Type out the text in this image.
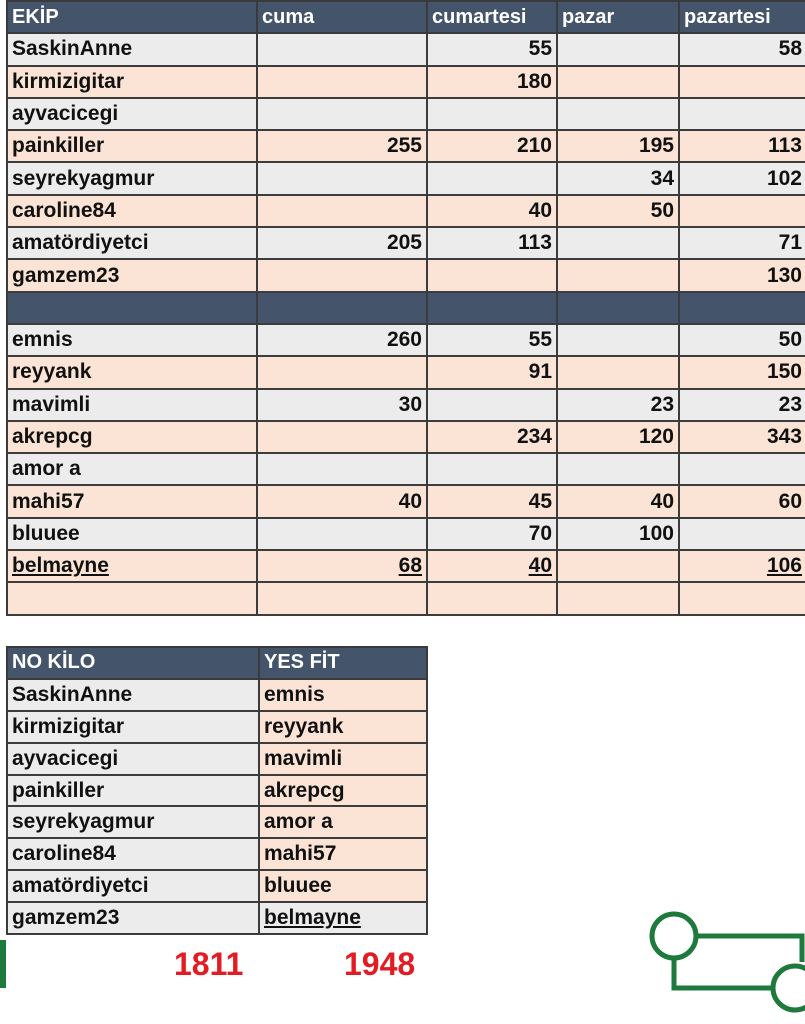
EKİP	cuma	cumartesi	pazar	pazartesi
SaskinAnne		55		58
kirmizigitar		180		
ayvacicegi				
painkiller	255	210	195	113
seyrekyagmur			34	102
caroline84		40	50	
amatördiyetci	205	113		71
gamzem23				130

emnis	260	55		50
reyyank		91		150
mavimli	30		23	23
akrepcg		234	120	343
amor a				
mahi57	40	45	40	60
bluuee		70	100	
belmayne	68	40		106

NO KİLO	YES FİT
SaskinAnne	emnis
kirmizigitar	reyyank
ayvacicegi	mavimli
painkiller	akrepcg
seyrekyagmur	amor a
caroline84	mahi57
amatördiyetci	bluuee
gamzem23	belmayne
1811	1948
